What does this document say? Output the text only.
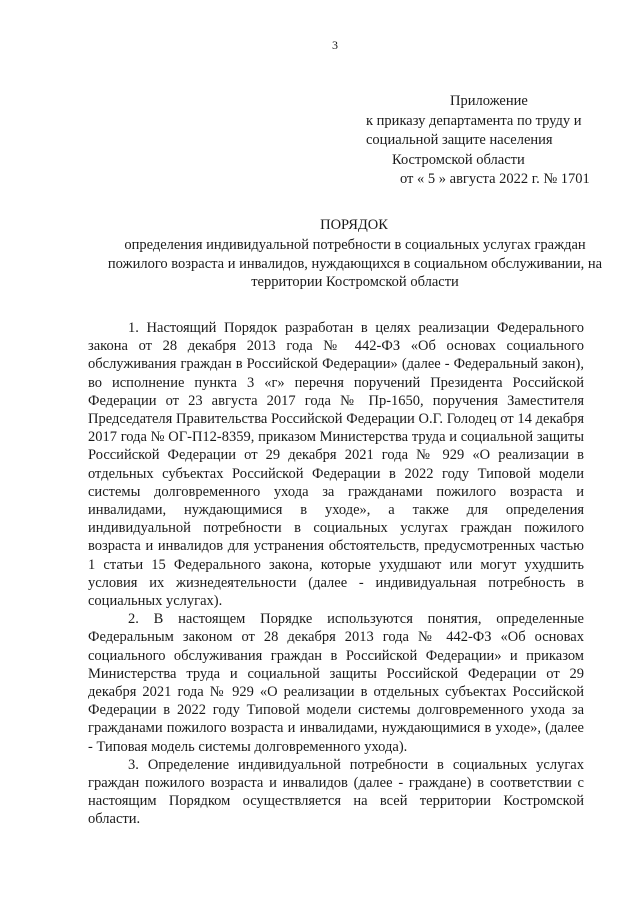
3
Приложение
к приказу департамента по труду и
социальной защите населения
Костромской области
от « 5 » августа 2022 г. № 1701
ПОРЯДОК
определения индивидуальной потребности в социальных услугах граждан пожилого возраста и инвалидов, нуждающихся в социальном обслуживании, на территории Костромской области

1. Настоящий Порядок разработан в целях реализации Федерального закона от 28 декабря 2013 года № 442-ФЗ «Об основах социального обслуживания граждан в Российской Федерации» (далее - Федеральный закон), во исполнение пункта 3 «г» перечня поручений Президента Российской Федерации от 23 августа 2017 года № Пр-1650, поручения Заместителя Председателя Правительства Российской Федерации О.Г. Голодец от 14 декабря 2017 года № ОГ-П12-8359, приказом Министерства труда и социальной защиты Российской Федерации от 29 декабря 2021 года № 929 «О реализации в отдельных субъектах Российской Федерации в 2022 году Типовой модели системы долговременного ухода за гражданами пожилого возраста и инвалидами, нуждающимися в уходе», а также для определения индивидуальной потребности в социальных услугах граждан пожилого возраста и инвалидов для устранения обстоятельств, предусмотренных частью 1 статьи 15 Федерального закона, которые ухудшают или могут ухудшить условия их жизнедеятельности (далее - индивидуальная потребность в социальных услугах).

2. В настоящем Порядке используются понятия, определенные Федеральным законом от 28 декабря 2013 года № 442-ФЗ «Об основах социального обслуживания граждан в Российской Федерации» и приказом Министерства труда и социальной защиты Российской Федерации от 29 декабря 2021 года № 929 «О реализации в отдельных субъектах Российской Федерации в 2022 году Типовой модели системы долговременного ухода за гражданами пожилого возраста и инвалидами, нуждающимися в уходе», (далее - Типовая модель системы долговременного ухода).

3. Определение индивидуальной потребности в социальных услугах граждан пожилого возраста и инвалидов (далее - граждане) в соответствии с настоящим Порядком осуществляется на всей территории Костромской области.
